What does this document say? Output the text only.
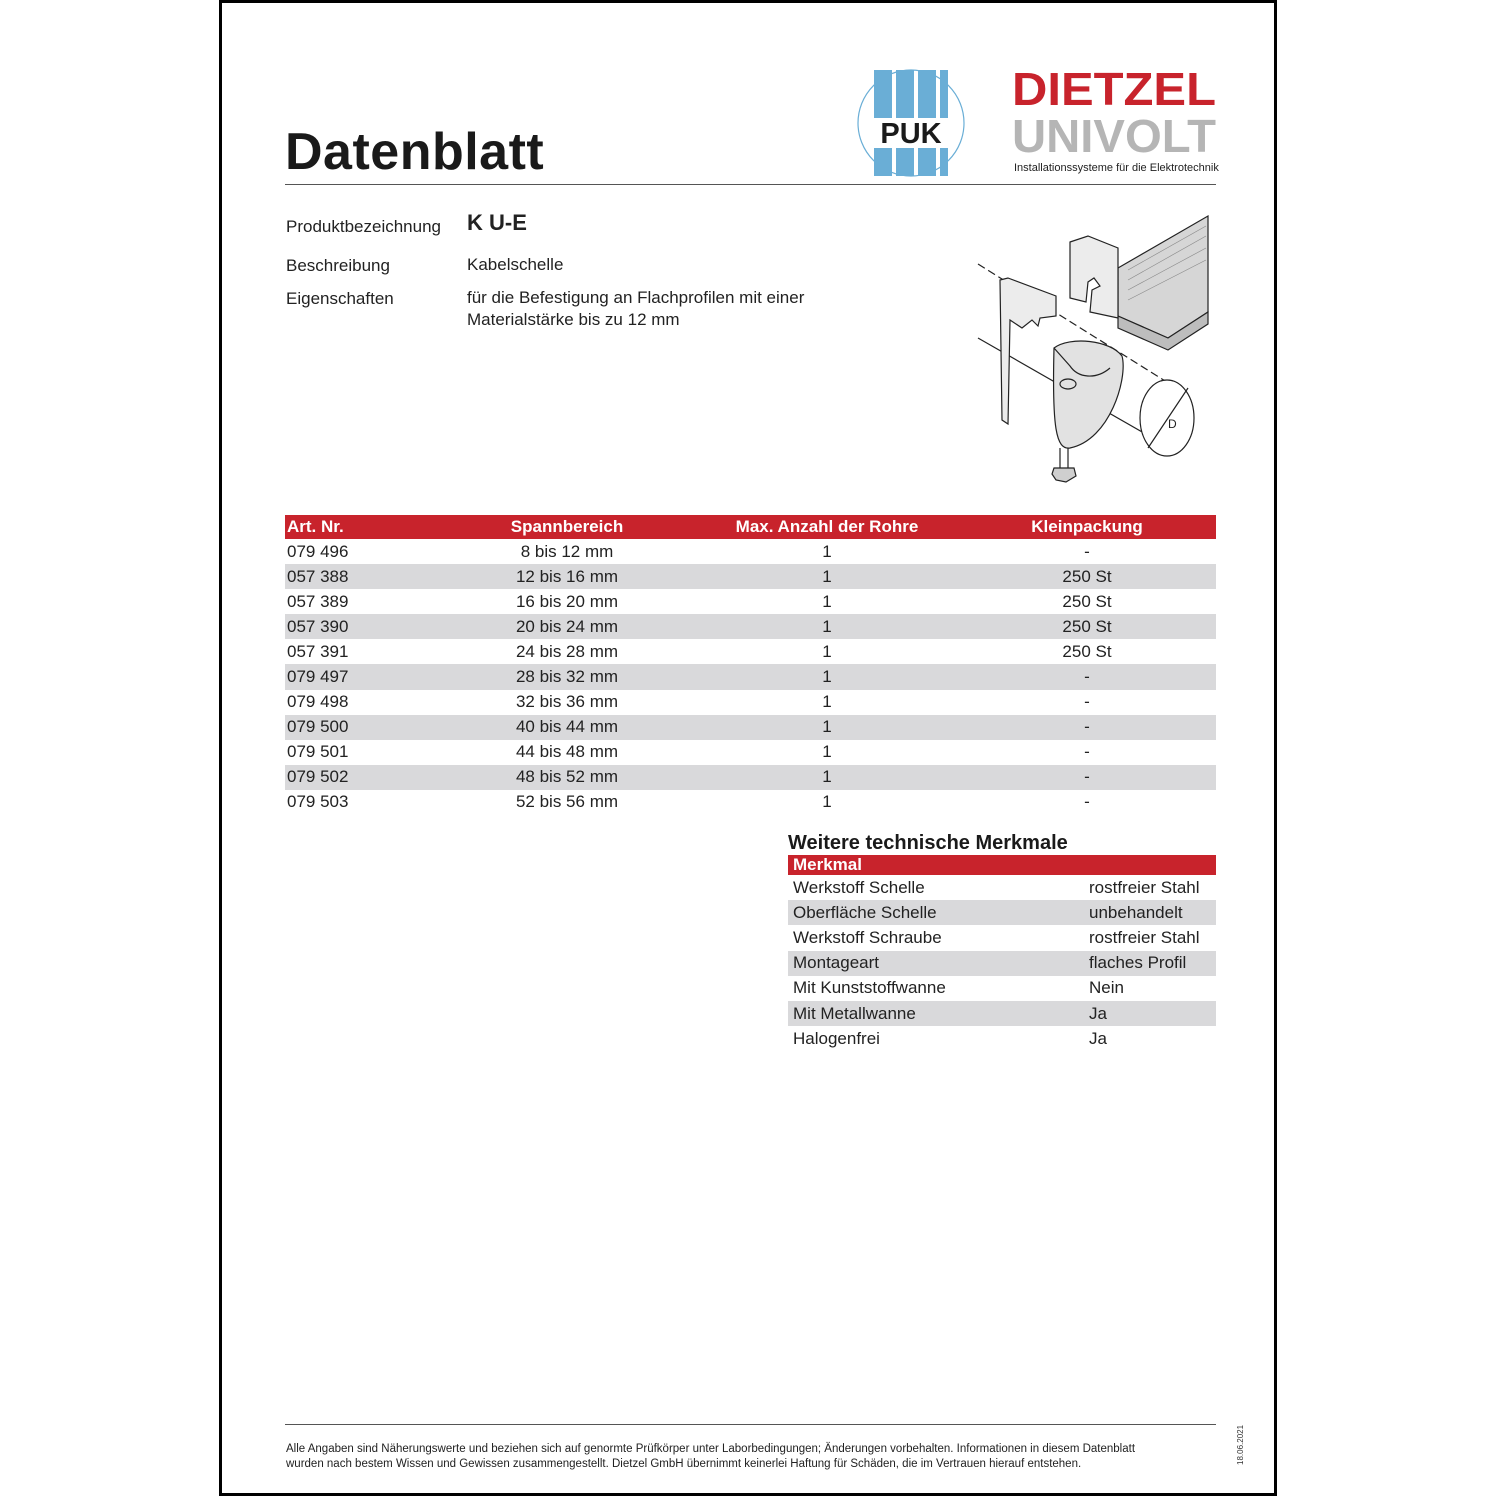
Datenblatt	PUK
DIETZEL
UNIVOLT
Installationssysteme für die Elektrotechnik
Produktbezeichnung K U-E
Beschreibung	Kabelschelle
Eigenschaften	für die Befestigung an Flachprofilen mit einer
Materialstärke bis zu 12 mm
D
Art. Nr.	Spannbereich	Max. Anzahl der Rohre	Kleinpackung
079 496	8 bis 12 mm	1	-
057 388	12 bis 16 mm	1	250 St
057 389	16 bis 20 mm	1	250 St
057 390	20 bis 24 mm	1	250 St
057 391	24 bis 28 mm	1	250 St
079 497	28 bis 32 mm	1	-
079 498	32 bis 36 mm	1	-
079 500	40 bis 44 mm	1	-
079 501	44 bis 48 mm	1	-
079 502	48 bis 52 mm	1	-
079 503	52 bis 56 mm	1	-
Weitere technische Merkmale
Merkmal
Werkstoff Schelle	rostfreier Stahl
Oberfläche Schelle	unbehandelt
Werkstoff Schraube	rostfreier Stahl
Montageart	flaches Profil
Mit Kunststoffwanne	Nein
Mit Metallwanne	Ja
Halogenfrei	Ja
Alle Angaben sind Näherungswerte und beziehen sich auf genormte Prüfkörper unter Laborbedingungen; Änderungen vorbehalten. Informationen in diesem Datenblatt
wurden nach bestem Wissen und Gewissen zusammengestellt. Dietzel GmbH übernimmt keinerlei Haftung für Schäden, die im Vertrauen hierauf entstehen.	18.06.2021
